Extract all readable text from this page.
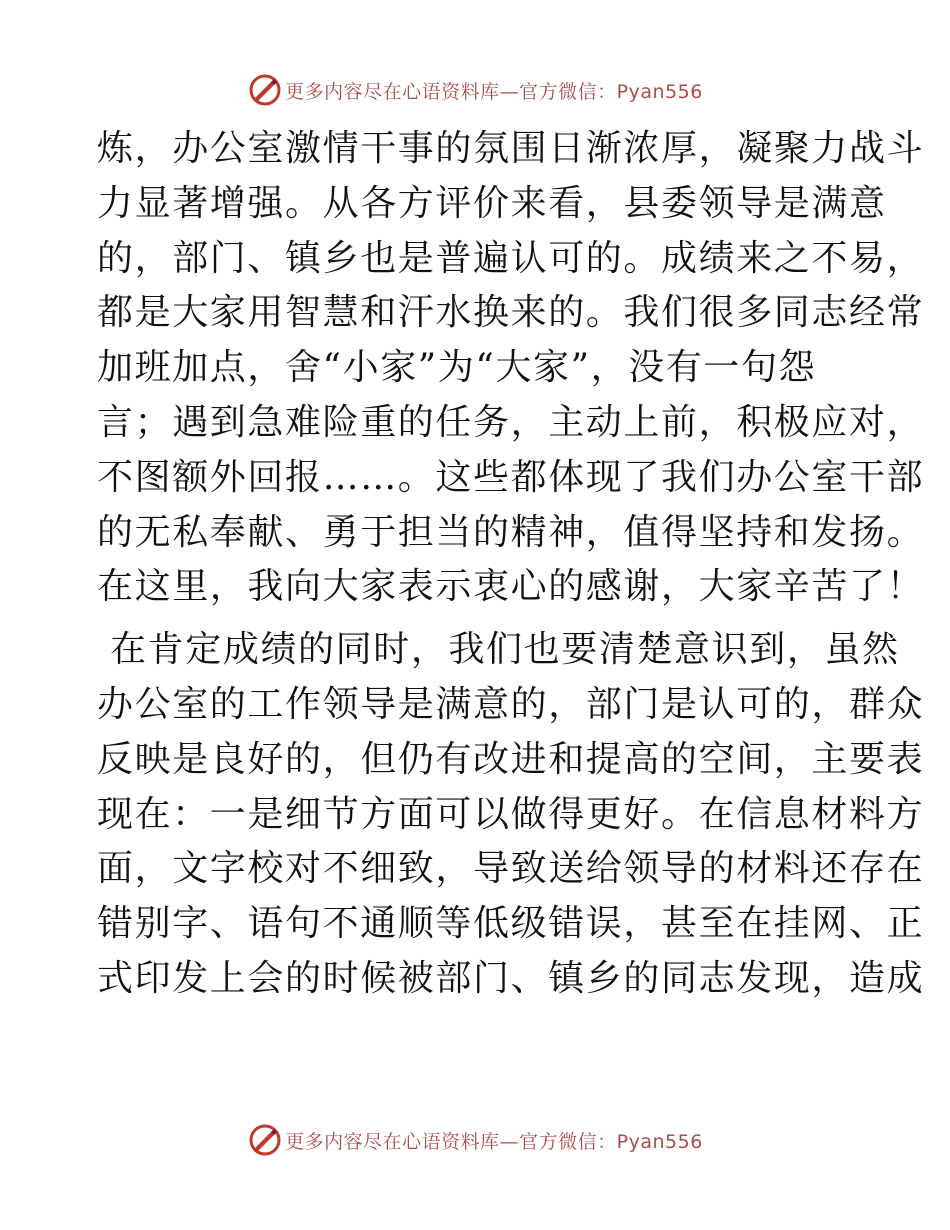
更多内容尽在心语资料库—官方微信：Pyan556
炼，办公室激情干事的氛围日渐浓厚，凝聚力战斗
力显著增强。从各方评价来看，县委领导是满意
的，部门、镇乡也是普遍认可的。成绩来之不易，
都是大家用智慧和汗水换来的。我们很多同志经常
加班加点，舍“小家”为“大家”，没有一句怨
言；遇到急难险重的任务，主动上前，积极应对，
不图额外回报……。这些都体现了我们办公室干部
的无私奉献、勇于担当的精神，值得坚持和发扬。
在这里，我向大家表示衷心的感谢，大家辛苦了！
在肯定成绩的同时，我们也要清楚意识到，虽然
办公室的工作领导是满意的，部门是认可的，群众
反映是良好的，但仍有改进和提高的空间，主要表
现在：一是细节方面可以做得更好。在信息材料方
面，文字校对不细致，导致送给领导的材料还存在
错别字、语句不通顺等低级错误，甚至在挂网、正
式印发上会的时候被部门、镇乡的同志发现，造成
更多内容尽在心语资料库—官方微信：Pyan556
